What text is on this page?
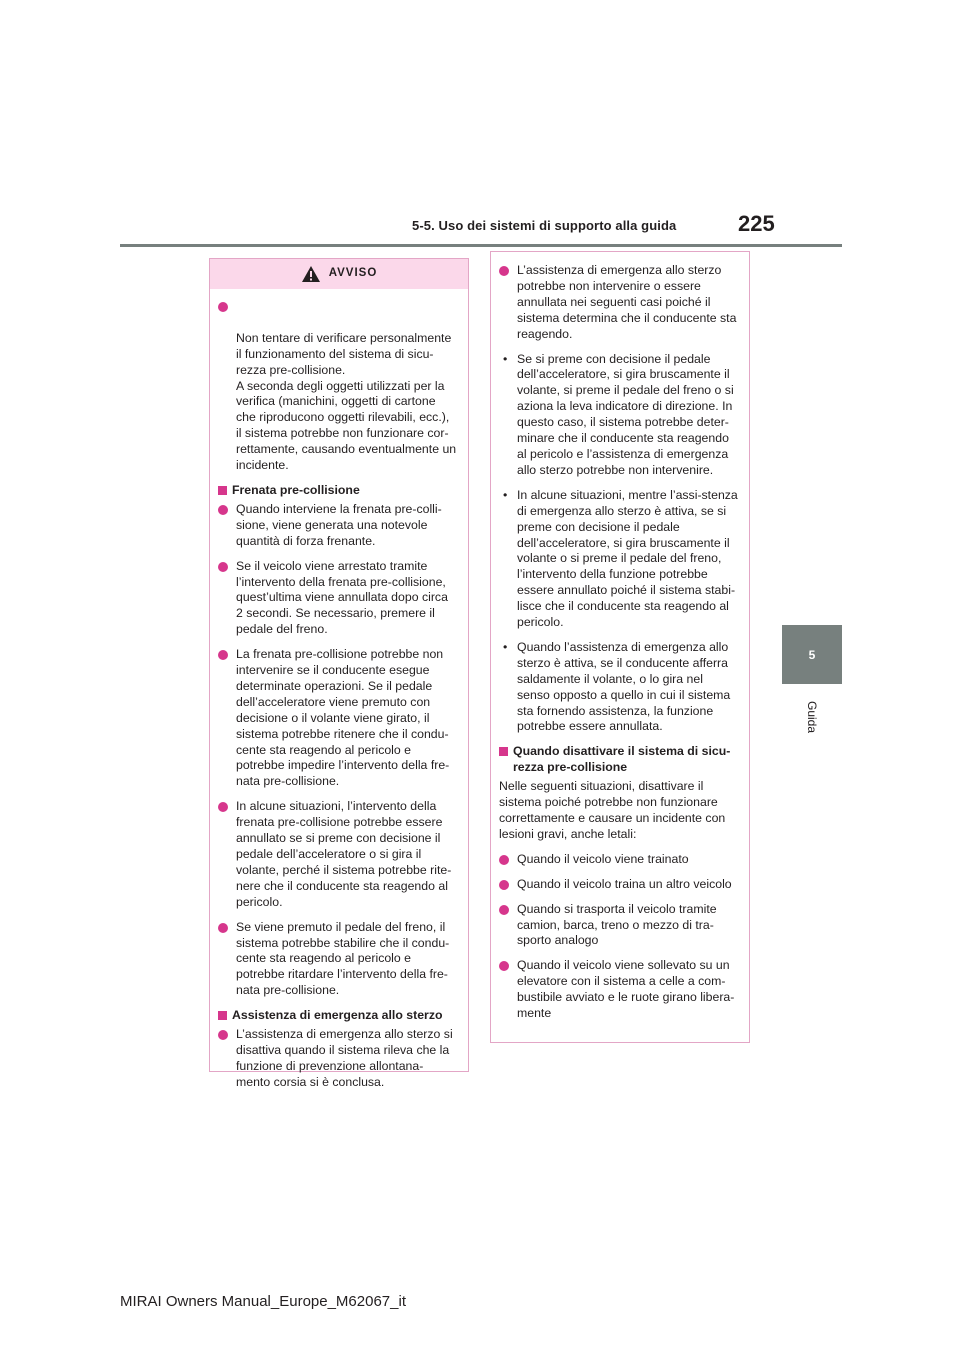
5-5. Uso dei sistemi di supporto alla guida	225
5
Guida
AVVISO

Non tentare di verificare personalmente il funzionamento del sistema di sicu-rezza pre-collisione.
A seconda degli oggetti utilizzati per la verifica (manichini, oggetti di cartone che riproducono oggetti rilevabili, ecc.), il sistema potrebbe non funzionare cor-rettamente, causando eventualmente un incidente.

Frenata pre-collisione
Quando interviene la frenata pre-colli-sione, viene generata una notevole quantità di forza frenante.
Se il veicolo viene arrestato tramite l’intervento della frenata pre-collisione, quest’ultima viene annullata dopo circa 2 secondi. Se necessario, premere il pedale del freno.
La frenata pre-collisione potrebbe non intervenire se il conducente esegue determinate operazioni. Se il pedale dell’acceleratore viene premuto con decisione o il volante viene girato, il sistema potrebbe ritenere che il condu-cente sta reagendo al pericolo e potrebbe impedire l’intervento della fre-nata pre-collisione.
In alcune situazioni, l’intervento della frenata pre-collisione potrebbe essere annullato se si preme con decisione il pedale dell’acceleratore o si gira il volante, perché il sistema potrebbe rite-nere che il conducente sta reagendo al pericolo.
Se viene premuto il pedale del freno, il sistema potrebbe stabilire che il condu-cente sta reagendo al pericolo e potrebbe ritardare l’intervento della fre-nata pre-collisione.
Assistenza di emergenza allo sterzo
L’assistenza di emergenza allo sterzo si disattiva quando il sistema rileva che la funzione di prevenzione allontana-mento corsia si è conclusa.
L’assistenza di emergenza allo sterzo potrebbe non intervenire o essere annullata nei seguenti casi poiché il sistema determina che il conducente sta reagendo.
• Se si preme con decisione il pedale dell’acceleratore, si gira bruscamente il volante, si preme il pedale del freno o si aziona la leva indicatore di direzione. In questo caso, il sistema potrebbe deter-minare che il conducente sta reagendo al pericolo e l’assistenza di emergenza allo sterzo potrebbe non intervenire.
• In alcune situazioni, mentre l’assi-stenza di emergenza allo sterzo è attiva, se si preme con decisione il pedale dell’acceleratore, si gira bruscamente il volante o si preme il pedale del freno, l’intervento della funzione potrebbe essere annullato poiché il sistema stabi-lisce che il conducente sta reagendo al pericolo.
• Quando l’assistenza di emergenza allo sterzo è attiva, se il conducente afferra saldamente il volante, o lo gira nel senso opposto a quello in cui il sistema sta fornendo assistenza, la funzione potrebbe essere annullata.
Quando disattivare il sistema di sicu-rezza pre-collisione
Nelle seguenti situazioni, disattivare il sistema poiché potrebbe non funzionare correttamente e causare un incidente con lesioni gravi, anche letali:
Quando il veicolo viene trainato
Quando il veicolo traina un altro veicolo
Quando si trasporta il veicolo tramite camion, barca, treno o mezzo di tra-sporto analogo
Quando il veicolo viene sollevato su un elevatore con il sistema a celle a com-bustibile avviato e le ruote girano libera-mente
MIRAI Owners Manual_Europe_M62067_it
